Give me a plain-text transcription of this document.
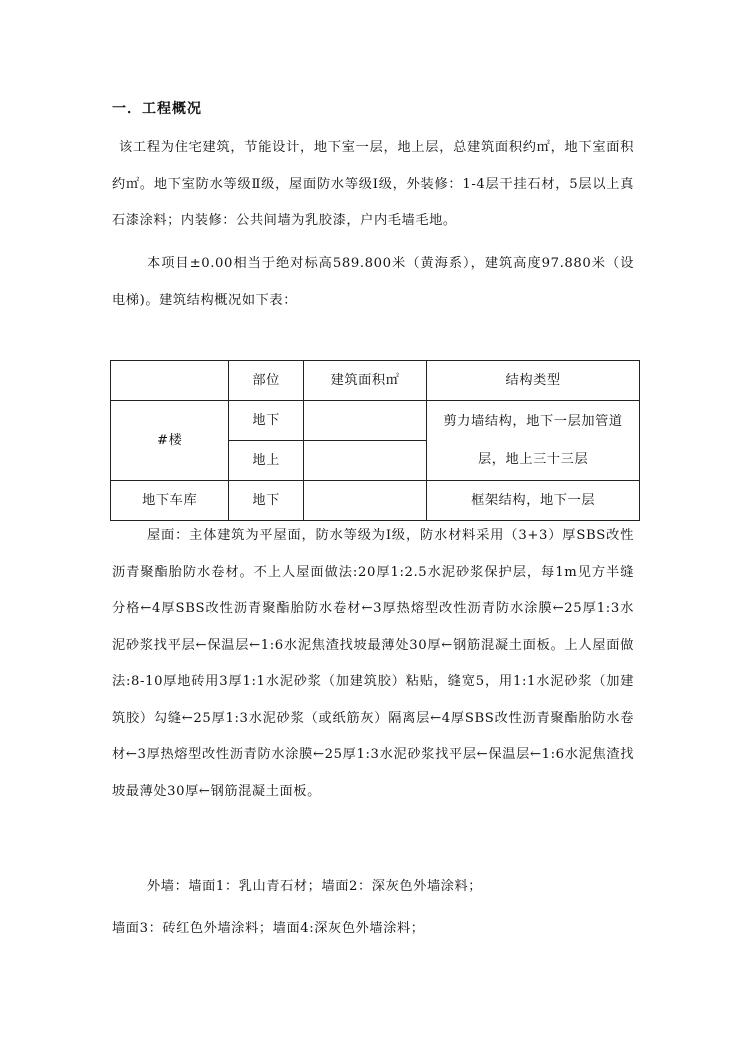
一．工程概况

该工程为住宅建筑，节能设计，地下室一层，地上层，总建筑面积约㎡，地下室面积约㎡。地下室防水等级Ⅱ级，屋面防水等级Ⅰ级，外装修：1-4层干挂石材，5层以上真石漆涂料；内装修：公共间墙为乳胶漆，户内毛墙毛地。

本项目±0.00相当于绝对标高589.800米（黄海系），建筑高度97.880米（设电梯)。建筑结构概况如下表：

	部位	建筑面积㎡	结构类型
#楼	地下		剪力墙结构，地下一层加管道
层，地上三十三层

	地上		
地下车库	地下		框架结构，地下一层

屋面：主体建筑为平屋面，防水等级为Ⅰ级，防水材料采用（3+3）厚SBS改性沥青聚酯胎防水卷材。不上人屋面做法:20厚1:2.5水泥砂浆保护层，每1m见方半缝分格←4厚SBS改性沥青聚酯胎防水卷材←3厚热熔型改性沥青防水涂膜←25厚1:3水泥砂浆找平层←保温层←1:6水泥焦渣找坡最薄处30厚←钢筋混凝土面板。上人屋面做法:8-10厚地砖用3厚1:1水泥砂浆（加建筑胶）粘贴，缝宽5，用1:1水泥砂浆（加建筑胶）勾缝←25厚1:3水泥砂浆（或纸筋灰）隔离层←4厚SBS改性沥青聚酯胎防水卷材←3厚热熔型改性沥青防水涂膜←25厚1:3水泥砂浆找平层←保温层←1:6水泥焦渣找坡最薄处30厚←钢筋混凝土面板。

外墙：墙面1：乳山青石材；墙面2：深灰色外墙涂料；

墙面3：砖红色外墙涂料；墙面4:深灰色外墙涂料；
